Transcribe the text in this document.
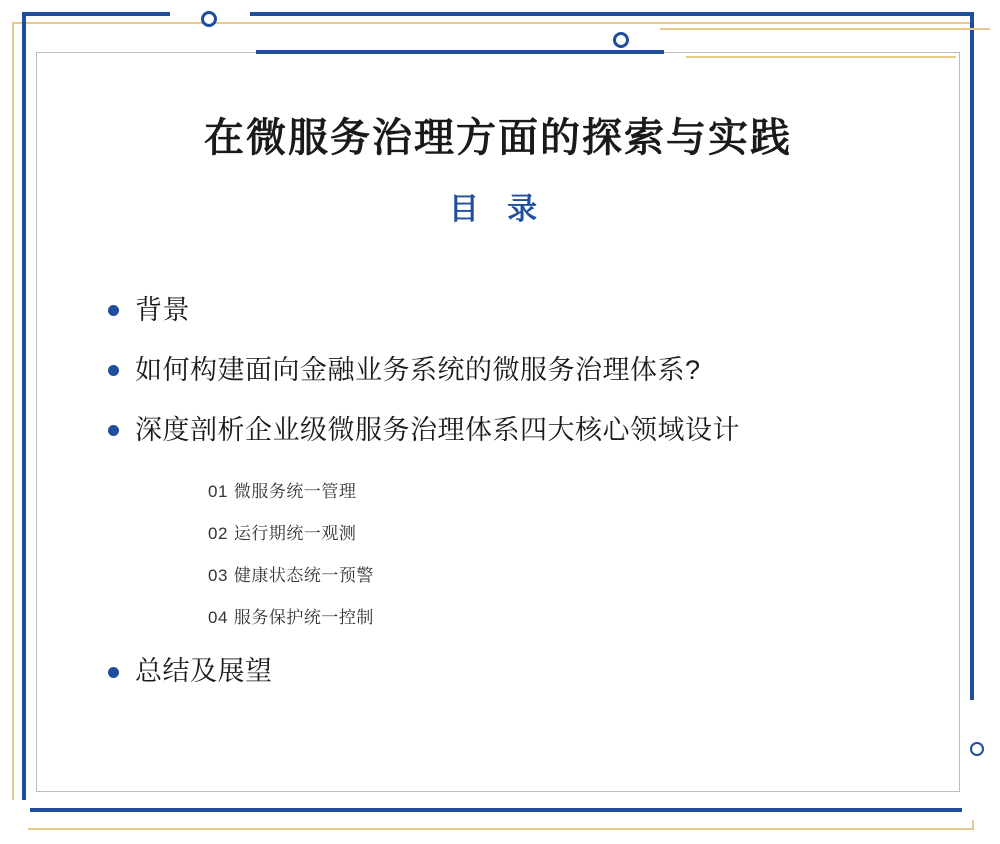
在微服务治理方面的探索与实践
目 录
背景
如何构建面向金融业务系统的微服务治理体系?
深度剖析企业级微服务治理体系四大核心领域设计
01 微服务统一管理
02 运行期统一观测
03 健康状态统一预警
04 服务保护统一控制
总结及展望
